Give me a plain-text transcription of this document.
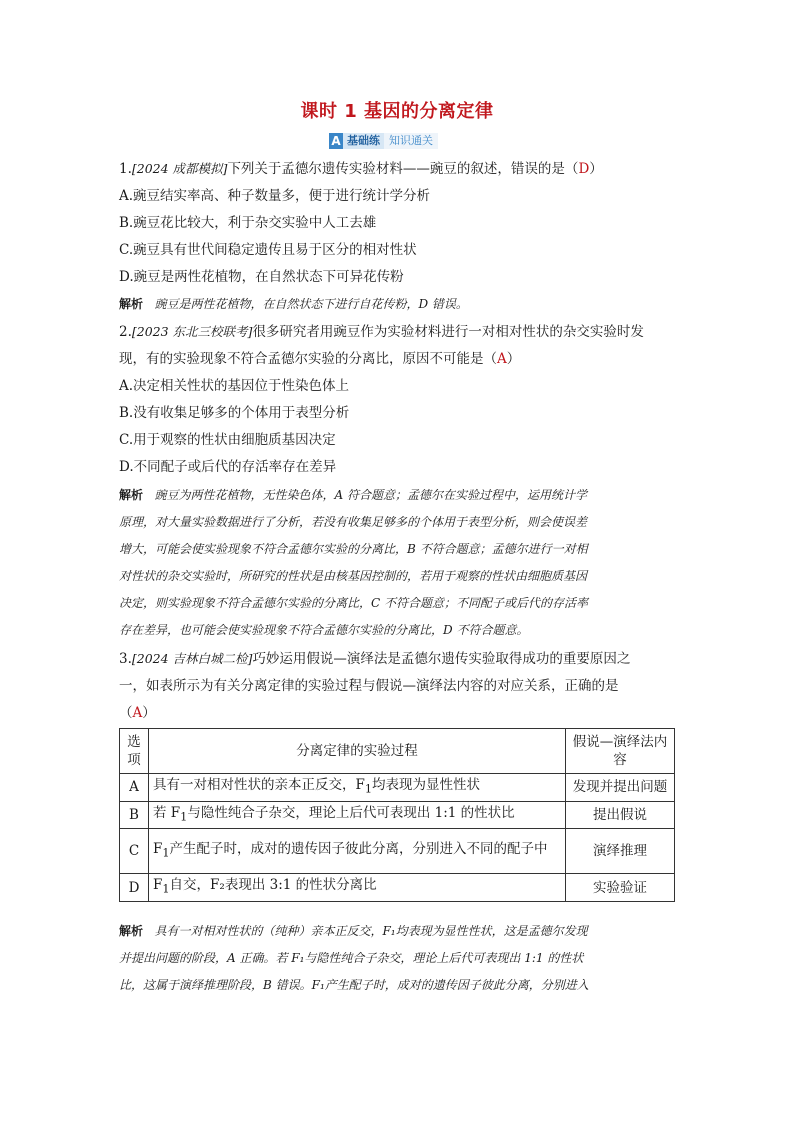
课时 1 基因的分离定律
A 基础练 知识通关
1.[2024 成都模拟]下列关于孟德尔遗传实验材料——豌豆的叙述，错误的是（D）
A.豌豆结实率高、种子数量多，便于进行统计学分析
B.豌豆花比较大，利于杂交实验中人工去雄
C.豌豆具有世代间稳定遗传且易于区分的相对性状
D.豌豆是两性花植物，在自然状态下可异花传粉
解析 豌豆是两性花植物，在自然状态下进行自花传粉，D 错误。
2.[2023 东北三校联考]很多研究者用豌豆作为实验材料进行一对相对性状的杂交实验时发
现，有的实验现象不符合孟德尔实验的分离比，原因不可能是（A）
A.决定相关性状的基因位于性染色体上
B.没有收集足够多的个体用于表型分析
C.用于观察的性状由细胞质基因决定
D.不同配子或后代的存活率存在差异
解析 豌豆为两性花植物，无性染色体，A 符合题意；孟德尔在实验过程中，运用统计学
原理，对大量实验数据进行了分析，若没有收集足够多的个体用于表型分析，则会使误差
增大，可能会使实验现象不符合孟德尔实验的分离比，B 不符合题意；孟德尔进行一对相
对性状的杂交实验时，所研究的性状是由核基因控制的，若用于观察的性状由细胞质基因
决定，则实验现象不符合孟德尔实验的分离比，C 不符合题意；不同配子或后代的存活率
存在差异，也可能会使实验现象不符合孟德尔实验的分离比，D 不符合题意。
3.[2024 吉林白城二检]巧妙运用假说—演绎法是孟德尔遗传实验取得成功的重要原因之
一，如表所示为有关分离定律的实验过程与假说—演绎法内容的对应关系，正确的是
（A）
选项	分离定律的实验过程	假说—演绎法内容
A	具有一对相对性状的亲本正反交，$F_1$均表现为显性性状	发现并提出问题
B	若 $F_1$与隐性纯合子杂交，理论上后代可表现出 1:1 的性状比	提出假说
C	$F_1$产生配子时，成对的遗传因子彼此分离，分别进入不同的配子中	演绎推理
D	$F_1$自交，F₂表现出 3:1 的性状分离比	实验验证
解析 具有一对相对性状的（纯种）亲本正反交，F₁均表现为显性性状，这是孟德尔发现
并提出问题的阶段，A 正确。若 F₁与隐性纯合子杂交，理论上后代可表现出 1:1 的性状
比，这属于演绎推理阶段，B 错误。F₁产生配子时，成对的遗传因子彼此分离，分别进入
